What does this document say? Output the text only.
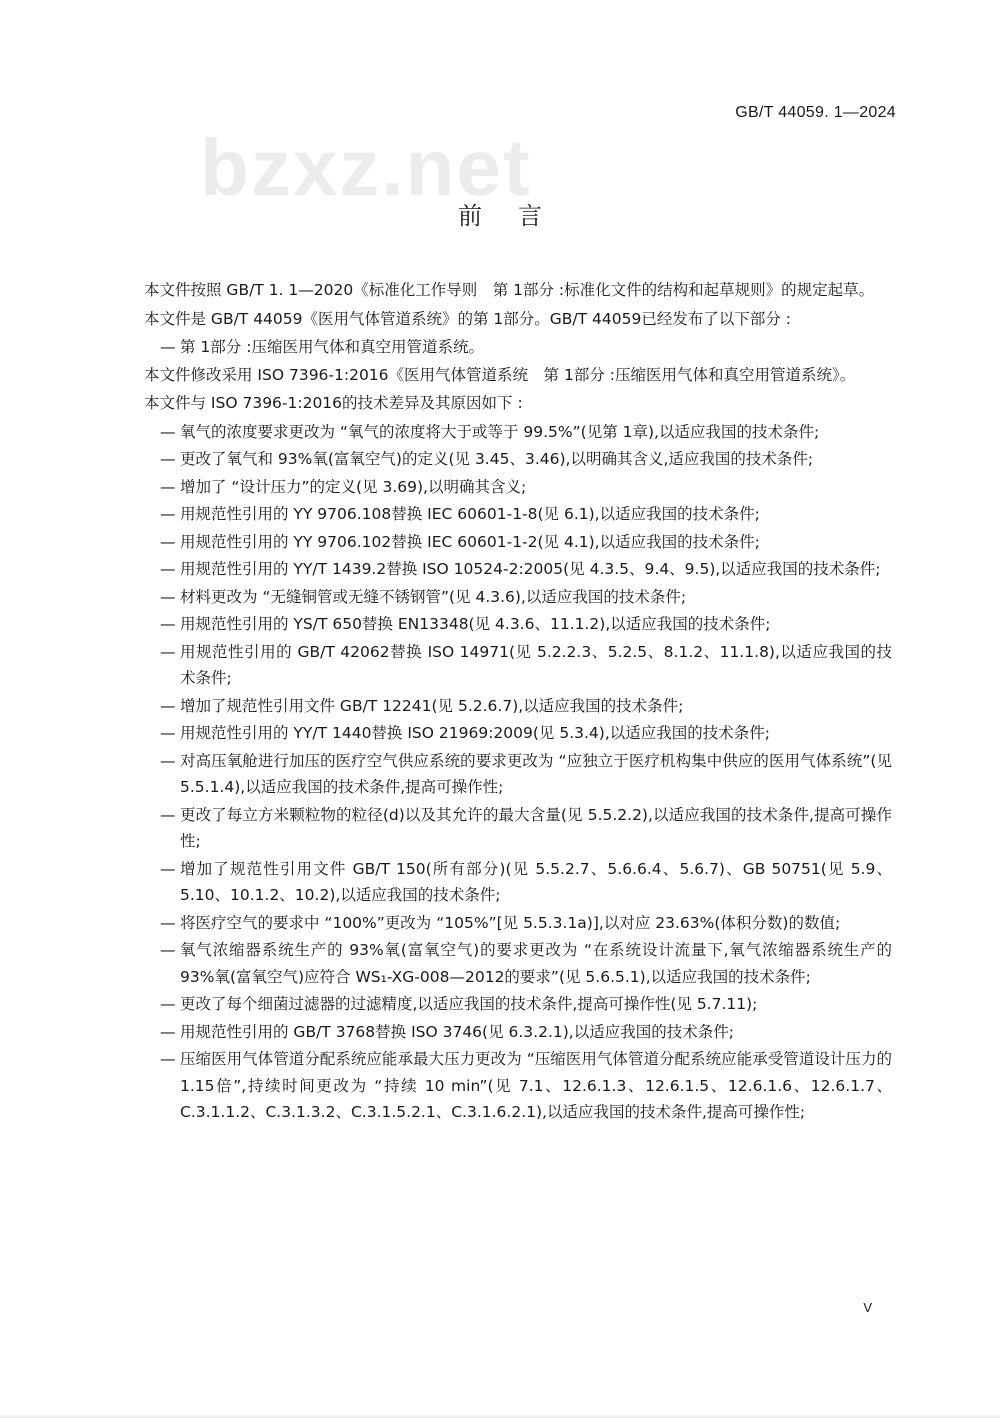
GB/T 44059. 1—2024
bzxz.net
前言

本文件按照 GB/T 1. 1—2020《标准化工作导则　第 1部分 :标准化文件的结构和起草规则》的规定起草。

本文件是 GB/T 44059《医用气体管道系统》的第 1部分。GB/T 44059已经发布了以下部分 :

— 第 1部分 :压缩医用气体和真空用管道系统。

本文件修改采用 ISO 7396-1:2016《医用气体管道系统　第 1部分 :压缩医用气体和真空用管道系统》。

本文件与 ISO 7396-1:2016的技术差异及其原因如下 :

— 氧气的浓度要求更改为 “氧气的浓度将大于或等于 99.5%”(见第 1章),以适应我国的技术条件;
— 更改了氧气和 93%氧(富氧空气)的定义(见 3.45、3.46),以明确其含义,适应我国的技术条件;
— 增加了 “设计压力”的定义(见 3.69),以明确其含义;
— 用规范性引用的 YY 9706.108替换 IEC 60601-1-8(见 6.1),以适应我国的技术条件;
— 用规范性引用的 YY 9706.102替换 IEC 60601-1-2(见 4.1),以适应我国的技术条件;
— 用规范性引用的 YY/T 1439.2替换 ISO 10524-2:2005(见 4.3.5、9.4、9.5),以适应我国的技术条件;
— 材料更改为 “无缝铜管或无缝不锈钢管”(见 4.3.6),以适应我国的技术条件;
— 用规范性引用的 YS/T 650替换 EN13348(见 4.3.6、11.1.2),以适应我国的技术条件;
— 用规范性引用的 GB/T 42062替换 ISO 14971(见 5.2.2.3、5.2.5、8.1.2、11.1.8),以适应我国的技术条件;
— 增加了规范性引用文件 GB/T 12241(见 5.2.6.7),以适应我国的技术条件;
— 用规范性引用的 YY/T 1440替换 ISO 21969:2009(见 5.3.4),以适应我国的技术条件;
— 对高压氧舱进行加压的医疗空气供应系统的要求更改为 “应独立于医疗机构集中供应的医用气体系统”(见 5.5.1.4),以适应我国的技术条件,提高可操作性;
— 更改了每立方米颗粒物的粒径(d)以及其允许的最大含量(见 5.5.2.2),以适应我国的技术条件,提高可操作性;
— 增加了规范性引用文件 GB/T 150(所有部分)(见 5.5.2.7、5.6.6.4、5.6.7)、GB 50751(见 5.9、5.10、10.1.2、10.2),以适应我国的技术条件;
— 将医疗空气的要求中 “100%”更改为 “105%”[见 5.5.3.1a)],以对应 23.63%(体积分数)的数值;
— 氧气浓缩器系统生产的 93%氧(富氧空气)的要求更改为 “在系统设计流量下,氧气浓缩器系统生产的 93%氧(富氧空气)应符合 WS₁-XG-008—2012的要求”(见 5.6.5.1),以适应我国的技术条件;
— 更改了每个细菌过滤器的过滤精度,以适应我国的技术条件,提高可操作性(见 5.7.11);
— 用规范性引用的 GB/T 3768替换 ISO 3746(见 6.3.2.1),以适应我国的技术条件;
— 压缩医用气体管道分配系统应能承最大压力更改为 “压缩医用气体管道分配系统应能承受管道设计压力的 1.15倍”,持续时间更改为 “持续 10 min”(见 7.1、12.6.1.3、12.6.1.5、12.6.1.6、12.6.1.7、C.3.1.1.2、C.3.1.3.2、C.3.1.5.2.1、C.3.1.6.2.1),以适应我国的技术条件,提高可操作性;
V
